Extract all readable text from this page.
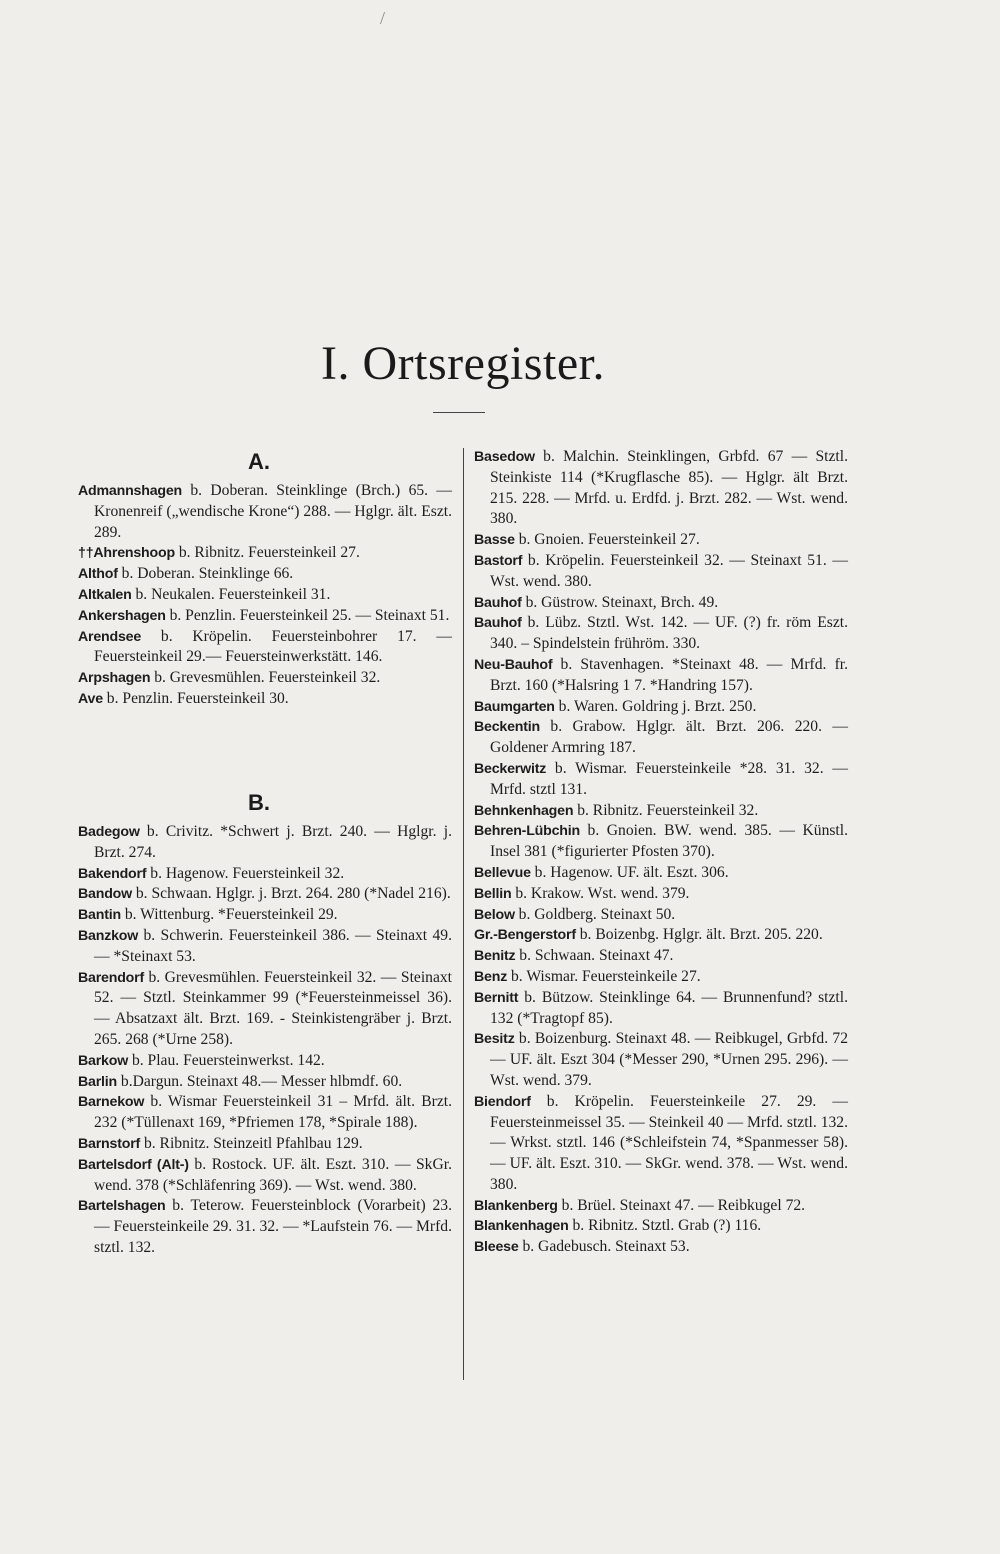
/
I. Ortsregister.
A.
Admannshagen b. Doberan. Steinklinge (Brch.) 65. — Kronenreif („wendische Krone“) 288. — Hglgr. ält. Eszt. 289.
††Ahrenshoop b. Ribnitz. Feuersteinkeil 27.
Althof b. Doberan. Steinklinge 66.
Altkalen b. Neukalen. Feuersteinkeil 31.
Ankershagen b. Penzlin. Feuersteinkeil 25. — Steinaxt 51.
Arendsee b. Kröpelin. Feuersteinbohrer 17. — Feuersteinkeil 29.— Feuersteinwerkstätt. 146.
Arpshagen b. Grevesmühlen. Feuersteinkeil 32.
Ave b. Penzlin. Feuersteinkeil 30.
B.
Badegow b. Crivitz. *Schwert j. Brzt. 240. — Hglgr. j. Brzt. 274.
Bakendorf b. Hagenow. Feuersteinkeil 32.
Bandow b. Schwaan. Hglgr. j. Brzt. 264. 280 (*Nadel 216).
Bantin b. Wittenburg. *Feuersteinkeil 29.
Banzkow b. Schwerin. Feuersteinkeil 386. — Steinaxt 49. — *Steinaxt 53.
Barendorf b. Grevesmühlen. Feuersteinkeil 32. — Steinaxt 52. — Stztl. Steinkammer 99 (*Feuersteinmeissel 36). — Absatzaxt ält. Brzt. 169. - Steinkistengräber j. Brzt. 265. 268 (*Urne 258).
Barkow b. Plau. Feuersteinwerkst. 142.
Barlin b.Dargun. Steinaxt 48.— Messer hlbmdf. 60.
Barnekow b. Wismar Feuersteinkeil 31 – Mrfd. ält. Brzt. 232 (*Tüllenaxt 169, *Pfriemen 178, *Spirale 188).
Barnstorf b. Ribnitz. Steinzeitl Pfahlbau 129.
Bartelsdorf (Alt-) b. Rostock. UF. ält. Eszt. 310. — SkGr. wend. 378 (*Schläfenring 369). — Wst. wend. 380.
Bartelshagen b. Teterow. Feuersteinblock (Vorarbeit) 23. — Feuersteinkeile 29. 31. 32. — *Laufstein 76. — Mrfd. stztl. 132.
Basedow b. Malchin. Steinklingen, Grbfd. 67 — Stztl. Steinkiste 114 (*Krugflasche 85). — Hglgr. ält Brzt. 215. 228. — Mrfd. u. Erdfd. j. Brzt. 282. — Wst. wend. 380.
Basse b. Gnoien. Feuersteinkeil 27.
Bastorf b. Kröpelin. Feuersteinkeil 32. — Steinaxt 51. — Wst. wend. 380.
Bauhof b. Güstrow. Steinaxt, Brch. 49.
Bauhof b. Lübz. Stztl. Wst. 142. — UF. (?) fr. röm Eszt. 340. – Spindelstein frühröm. 330.
Neu-Bauhof b. Stavenhagen. *Steinaxt 48. — Mrfd. fr. Brzt. 160 (*Halsring 1 7. *Handring 157).
Baumgarten b. Waren. Goldring j. Brzt. 250.
Beckentin b. Grabow. Hglgr. ält. Brzt. 206. 220. — Goldener Armring 187.
Beckerwitz b. Wismar. Feuersteinkeile *28. 31. 32. — Mrfd. stztl 131.
Behnkenhagen b. Ribnitz. Feuersteinkeil 32.
Behren-Lübchin b. Gnoien. BW. wend. 385. — Künstl. Insel 381 (*figurierter Pfosten 370).
Bellevue b. Hagenow. UF. ält. Eszt. 306.
Bellin b. Krakow. Wst. wend. 379.
Below b. Goldberg. Steinaxt 50.
Gr.-Bengerstorf b. Boizenbg. Hglgr. ält. Brzt. 205. 220.
Benitz b. Schwaan. Steinaxt 47.
Benz b. Wismar. Feuersteinkeile 27.
Bernitt b. Bützow. Steinklinge 64. — Brunnenfund? stztl. 132 (*Tragtopf 85).
Besitz b. Boizenburg. Steinaxt 48. — Reibkugel, Grbfd. 72 — UF. ält. Eszt 304 (*Messer 290, *Urnen 295. 296). — Wst. wend. 379.
Biendorf b. Kröpelin. Feuersteinkeile 27. 29. — Feuersteinmeissel 35. — Steinkeil 40 — Mrfd. stztl. 132. — Wrkst. stztl. 146 (*Schleifstein 74, *Spanmesser 58). — UF. ält. Eszt. 310. — SkGr. wend. 378. — Wst. wend. 380.
Blankenberg b. Brüel. Steinaxt 47. — Reibkugel 72.
Blankenhagen b. Ribnitz. Stztl. Grab (?) 116.
Bleese b. Gadebusch. Steinaxt 53.
